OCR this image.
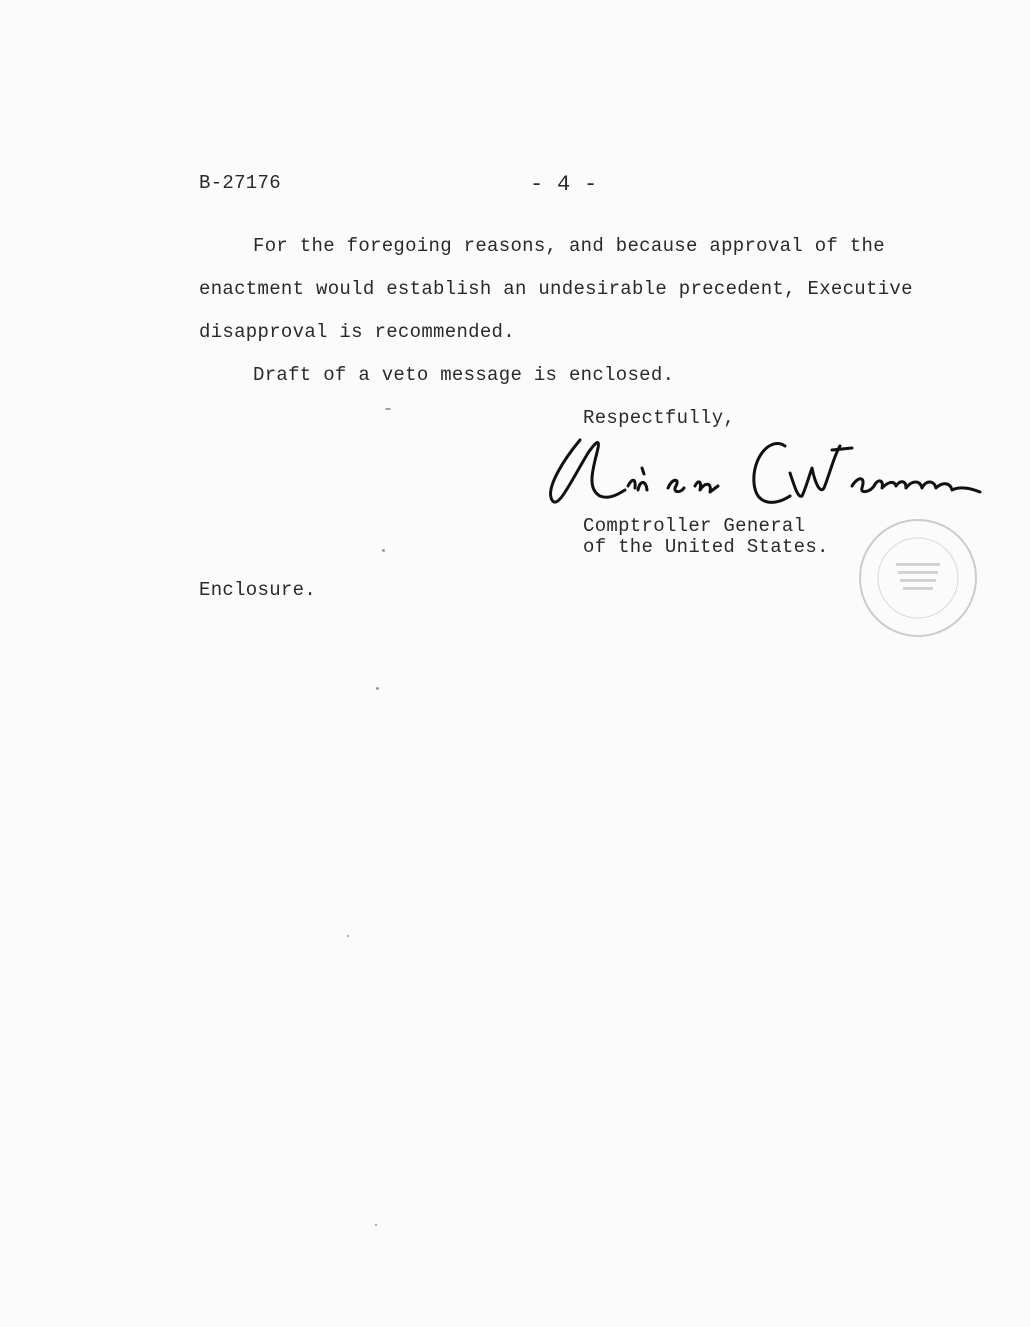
B-27176	- 4 -
For the foregoing reasons, and because approval of the
enactment would establish an undesirable precedent, Executive
disapproval is recommended.
Draft of a veto message is enclosed.
Respectfully,
Comptroller General
of the United States.
Enclosure.
